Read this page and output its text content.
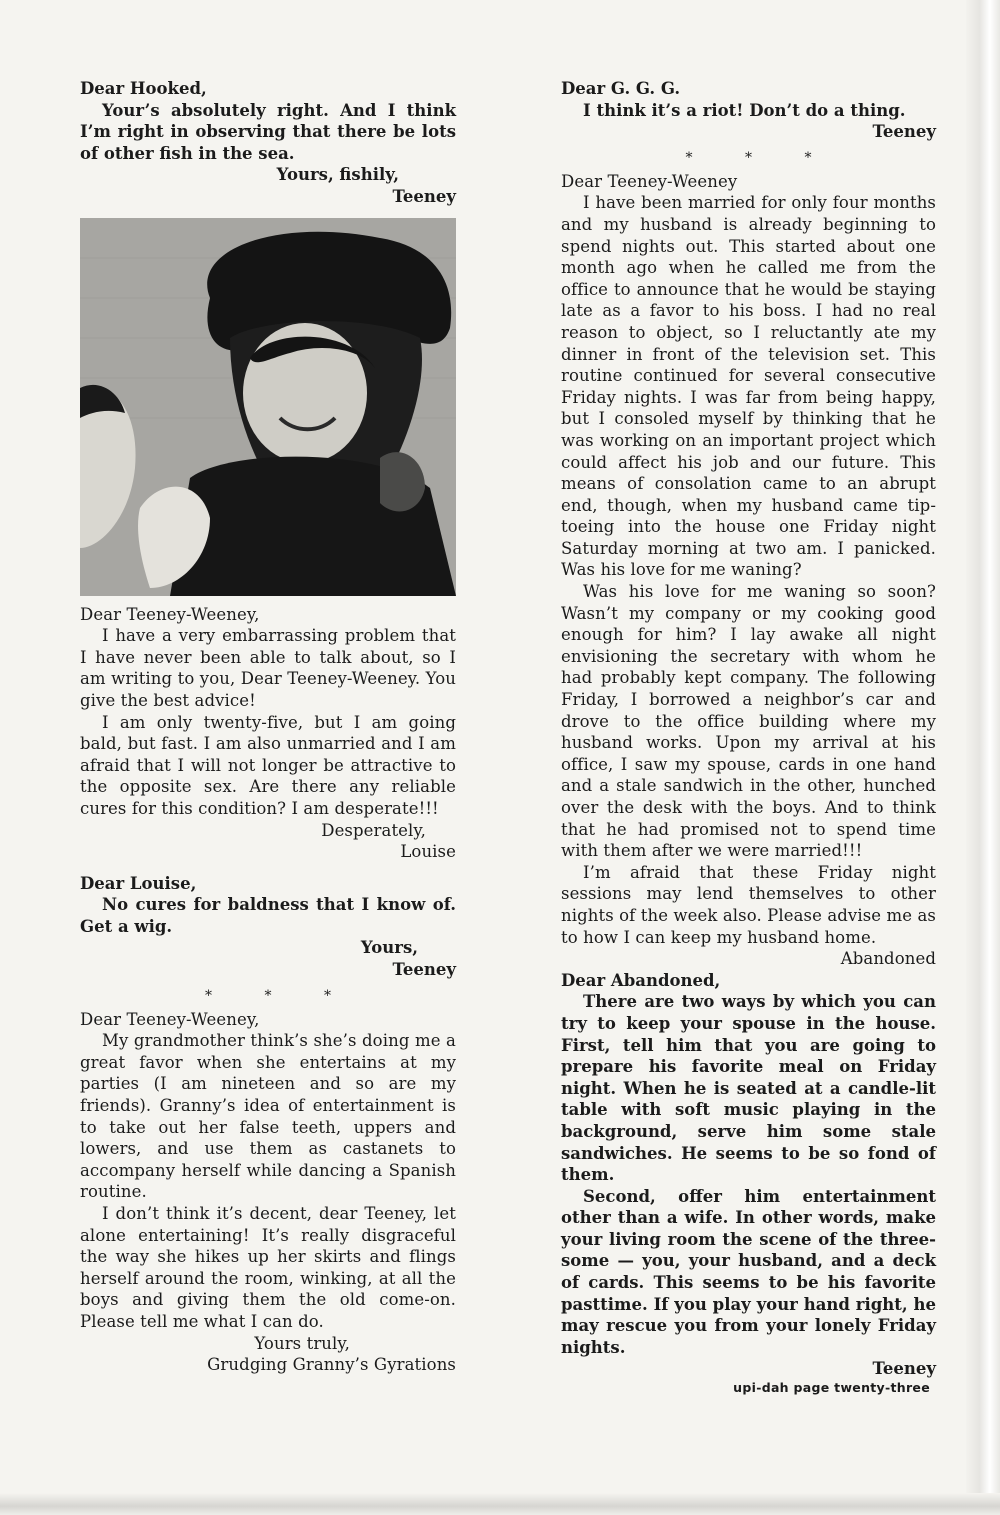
Dear Hooked,

Your’s absolutely right. And I think I’m right in observing that there be lots of other fish in the sea.

Yours, fishily,

Teeney

Dear Teeney-Weeney,

I have a very embarrassing problem that I have never been able to talk about, so I am writing to you, Dear Teeney-Weeney. You give the best advice!

I am only twenty-five, but I am going bald, but fast. I am also unmarried and I am afraid that I will not longer be attractive to the opposite sex. Are there any reliable cures for this condition? I am desperate!!!

Desperately,

Louise

Dear Louise,

No cures for baldness that I know of. Get a wig.

Yours,

Teeney

* * *

Dear Teeney-Weeney,

My grandmother think’s she’s doing me a great favor when she entertains at my parties (I am nineteen and so are my friends). Granny’s idea of entertainment is to take out her false teeth, uppers and lowers, and use them as castanets to accompany herself while dancing a Spanish routine.

I don’t think it’s decent, dear Teeney, let alone entertaining! It’s really disgraceful the way she hikes up her skirts and flings herself around the room, winking, at all the boys and giving them the old come-on. Please tell me what I can do.

Yours truly,

Grudging Granny’s Gyrations

Dear G. G. G.

I think it’s a riot! Don’t do a thing.

Teeney

* * *

Dear Teeney-Weeney

I have been married for only four months and my husband is already beginning to spend nights out. This started about one month ago when he called me from the office to announce that he would be staying late as a favor to his boss. I had no real reason to object, so I reluctantly ate my dinner in front of the television set. This routine continued for several consecutive Friday nights. I was far from being happy, but I consoled myself by thinking that he was working on an important project which could affect his job and our future. This means of consolation came to an abrupt end, though, when my husband came tip-toeing into the house one Friday night Saturday morning at two am. I panicked. Was his love for me waning?

Was his love for me waning so soon? Wasn’t my company or my cooking good enough for him? I lay awake all night envisioning the secretary with whom he had probably kept company. The following Friday, I borrowed a neighbor’s car and drove to the office building where my husband works. Upon my arrival at his office, I saw my spouse, cards in one hand and a stale sandwich in the other, hunched over the desk with the boys. And to think that he had promised not to spend time with them after we were married!!!

I’m afraid that these Friday night sessions may lend themselves to other nights of the week also. Please advise me as to how I can keep my husband home.

Abandoned

Dear Abandoned,

There are two ways by which you can try to keep your spouse in the house. First, tell him that you are going to prepare his favorite meal on Friday night. When he is seated at a candle-lit table with soft music playing in the background, serve him some stale sandwiches. He seems to be so fond of them.

Second, offer him entertainment other than a wife. In other words, make your living room the scene of the three-some — you, your husband, and a deck of cards. This seems to be his favorite pasttime. If you play your hand right, he may rescue you from your lonely Friday nights.

Teeney

upi-dah page twenty-three
